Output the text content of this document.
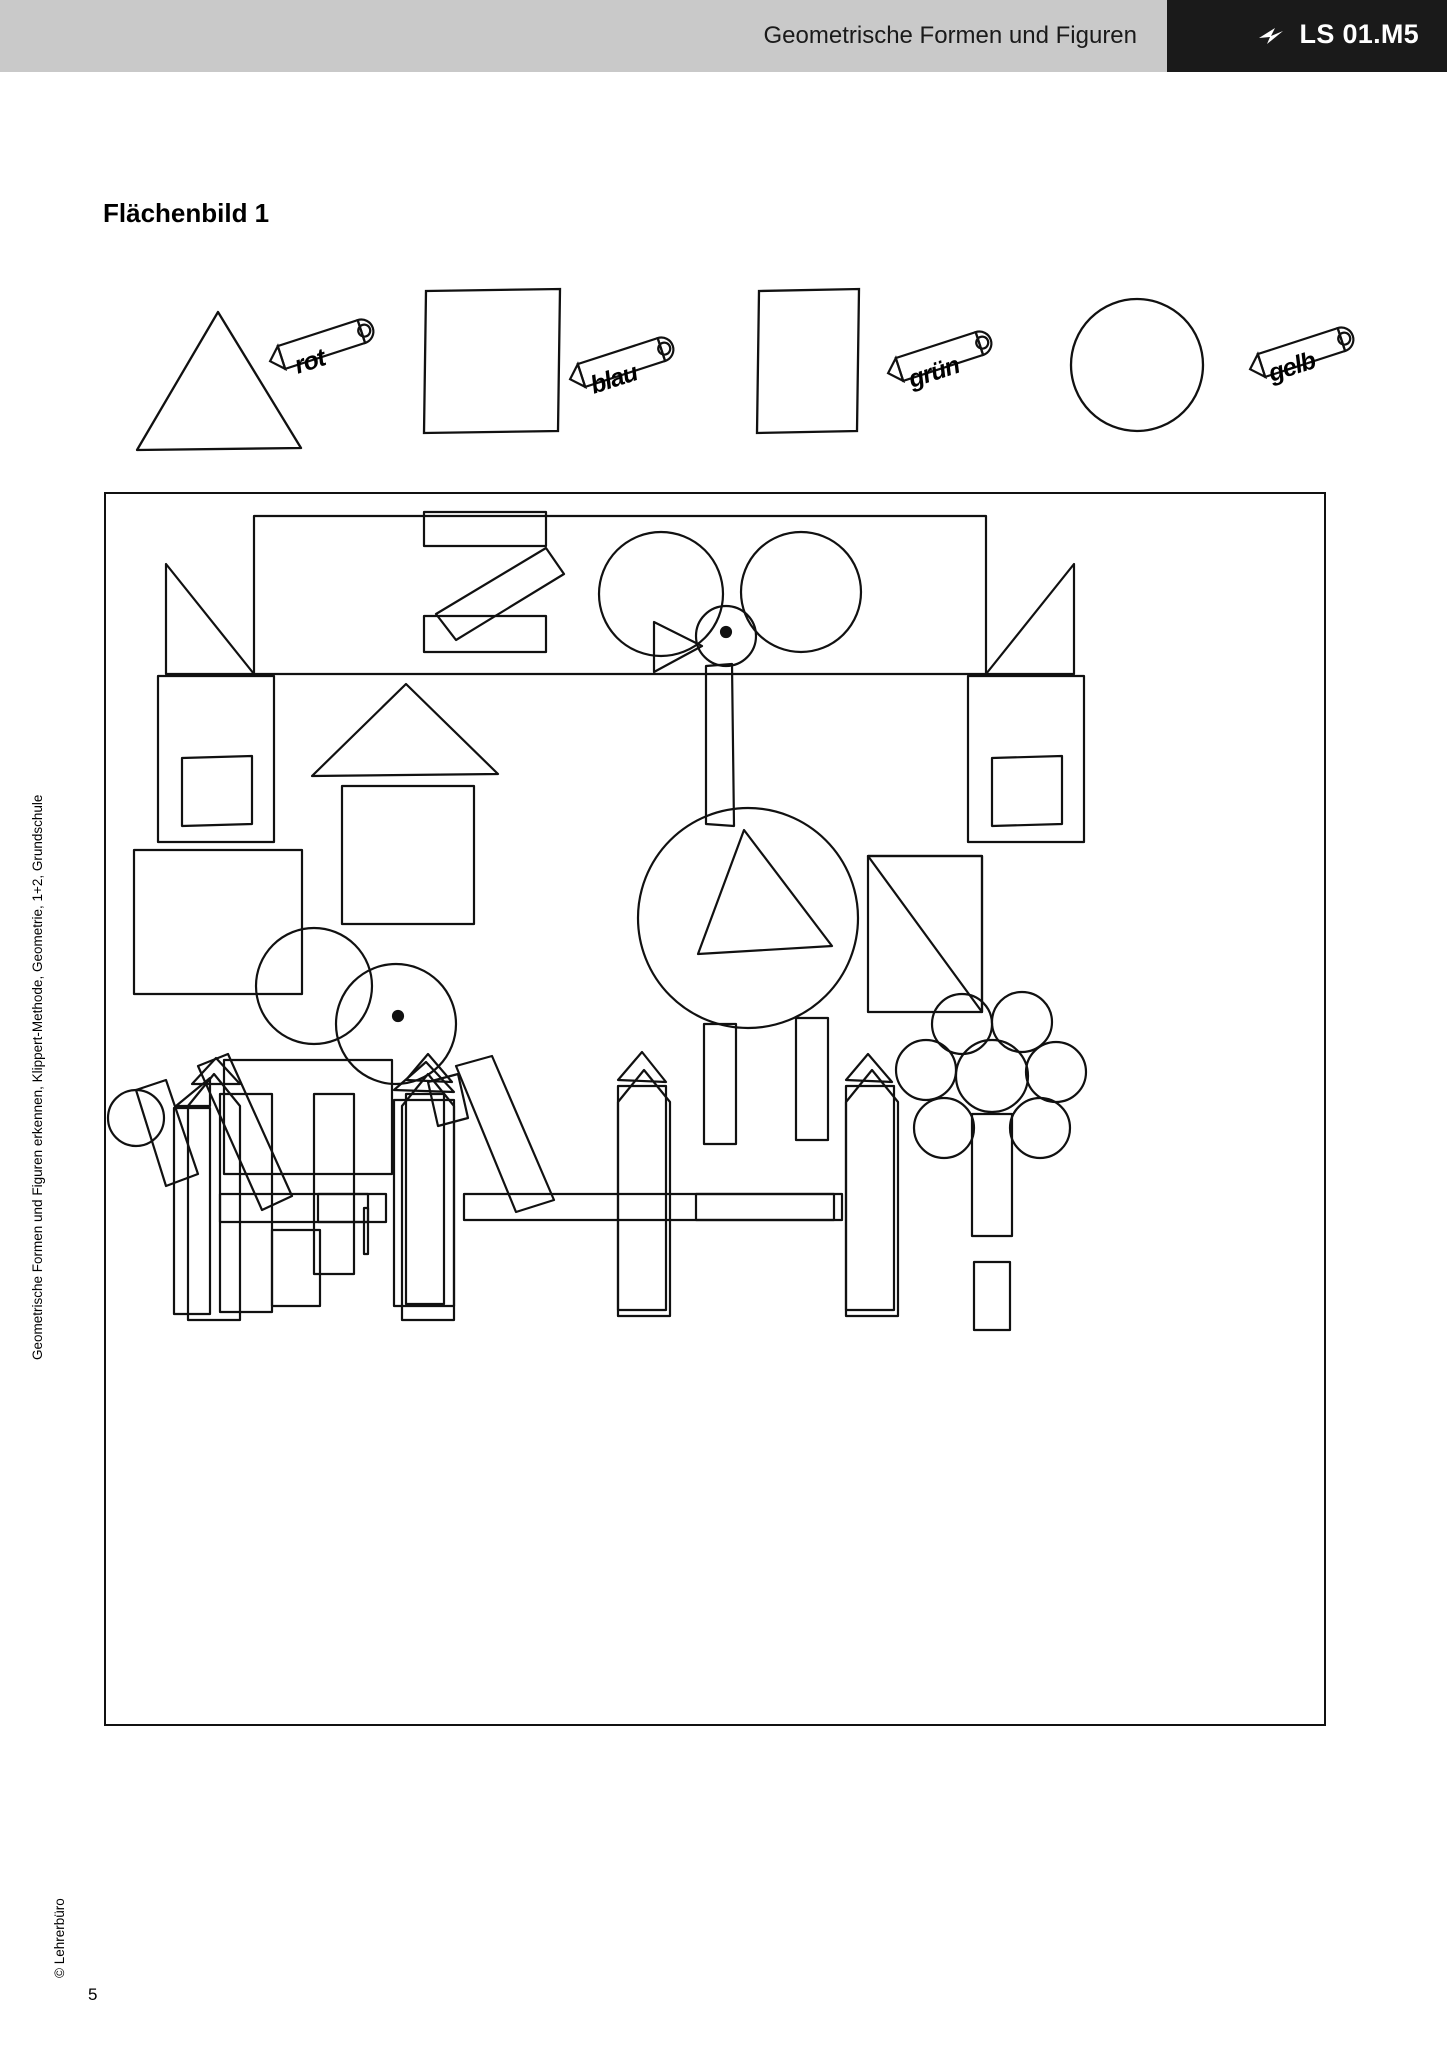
Geometrische Formen und Figuren	LS 01.M5
Flächenbild 1
Geometrische Formen und Figuren erkennen, Klippert-Methode, Geometrie, 1+2, Grundschule
© Lehrerbüro
5
rot	blau	grün	gelb
